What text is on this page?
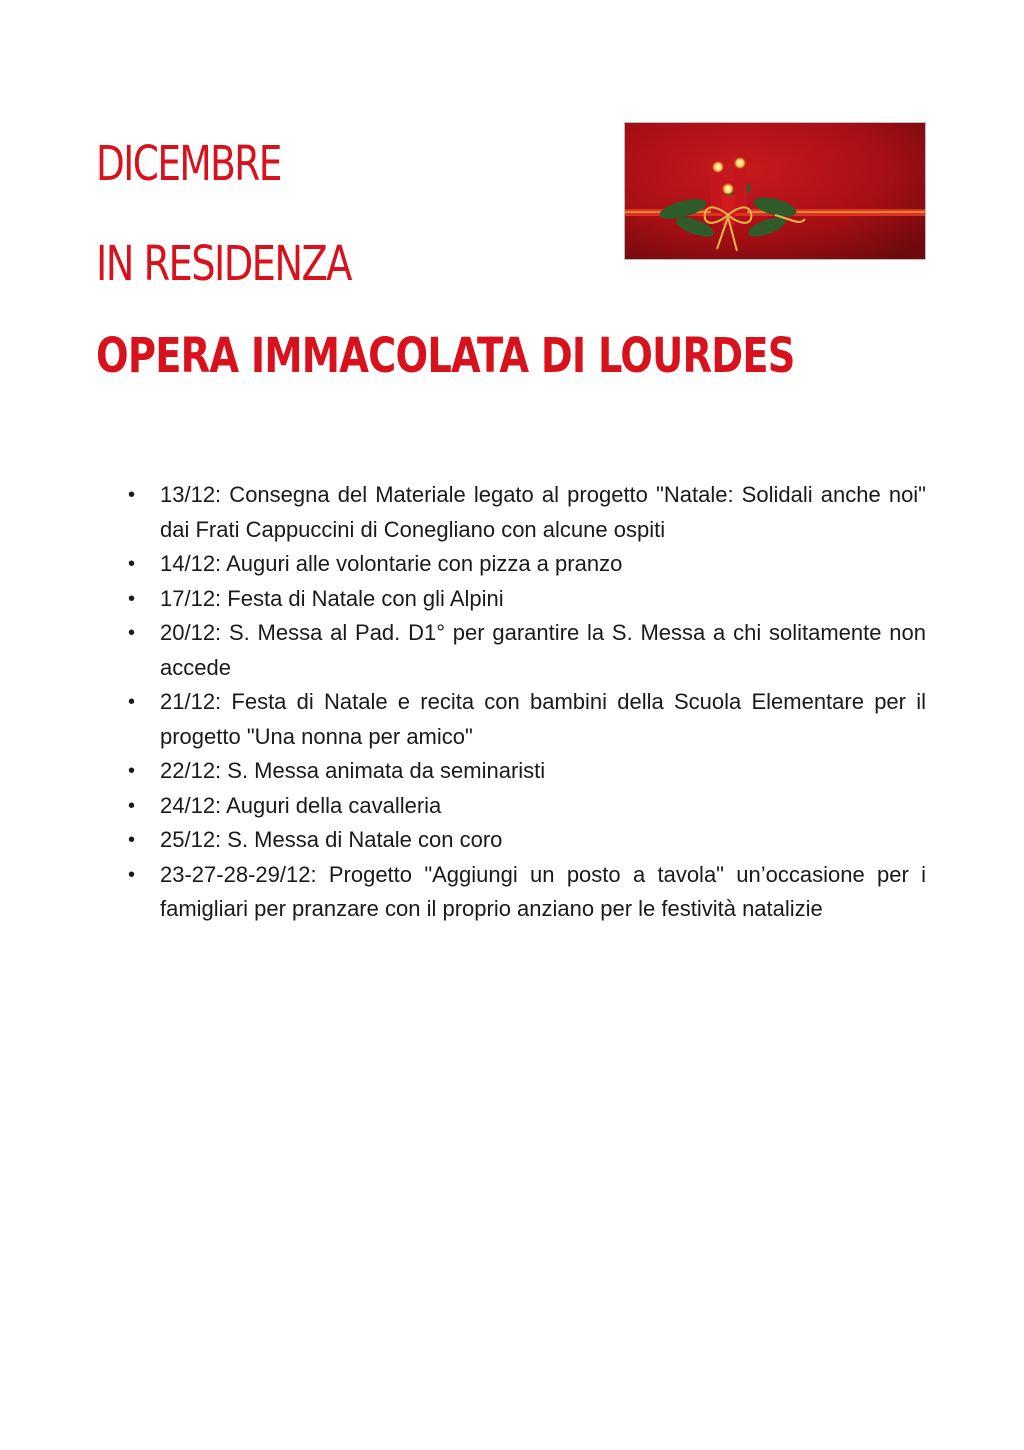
DICEMBRE
IN RESIDENZA
OPERA IMMACOLATA DI LOURDES
• 13/12: Consegna del Materiale legato al progetto "Natale: Solidali anche noi" dai Frati Cappuccini di Conegliano con alcune ospiti
• 14/12: Auguri alle volontarie con pizza a pranzo
• 17/12: Festa di Natale con gli Alpini
• 20/12: S. Messa al Pad. D1° per garantire la S. Messa a chi solitamente non accede
• 21/12: Festa di Natale e recita con bambini della Scuola Elementare per il progetto "Una nonna per amico"
• 22/12: S. Messa animata da seminaristi
• 24/12: Auguri della cavalleria
• 25/12: S. Messa di Natale con coro
• 23-27-28-29/12: Progetto "Aggiungi un posto a tavola" un’occasione per i famigliari per pranzare con il proprio anziano per le festività natalizie
